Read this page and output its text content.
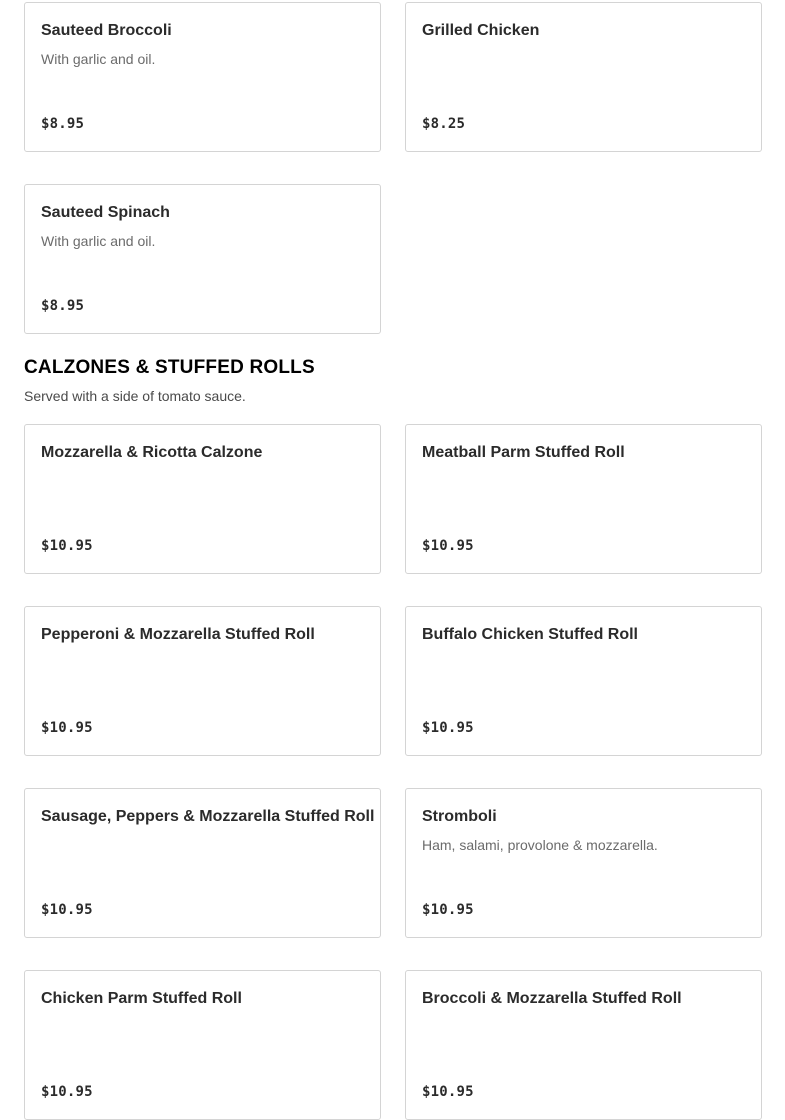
Sauteed Broccoli
With garlic and oil.
$8.95
Grilled Chicken
$8.25
Sauteed Spinach
With garlic and oil.
$8.95
CALZONES & STUFFED ROLLS

Served with a side of tomato sauce.

Mozzarella & Ricotta Calzone
$10.95
Meatball Parm Stuffed Roll
$10.95
Pepperoni & Mozzarella Stuffed Roll
$10.95
Buffalo Chicken Stuffed Roll
$10.95
Sausage, Peppers & Mozzarella Stuffed Roll
$10.95
Stromboli
Ham, salami, provolone & mozzarella.
$10.95
Chicken Parm Stuffed Roll
$10.95
Broccoli & Mozzarella Stuffed Roll
$10.95
